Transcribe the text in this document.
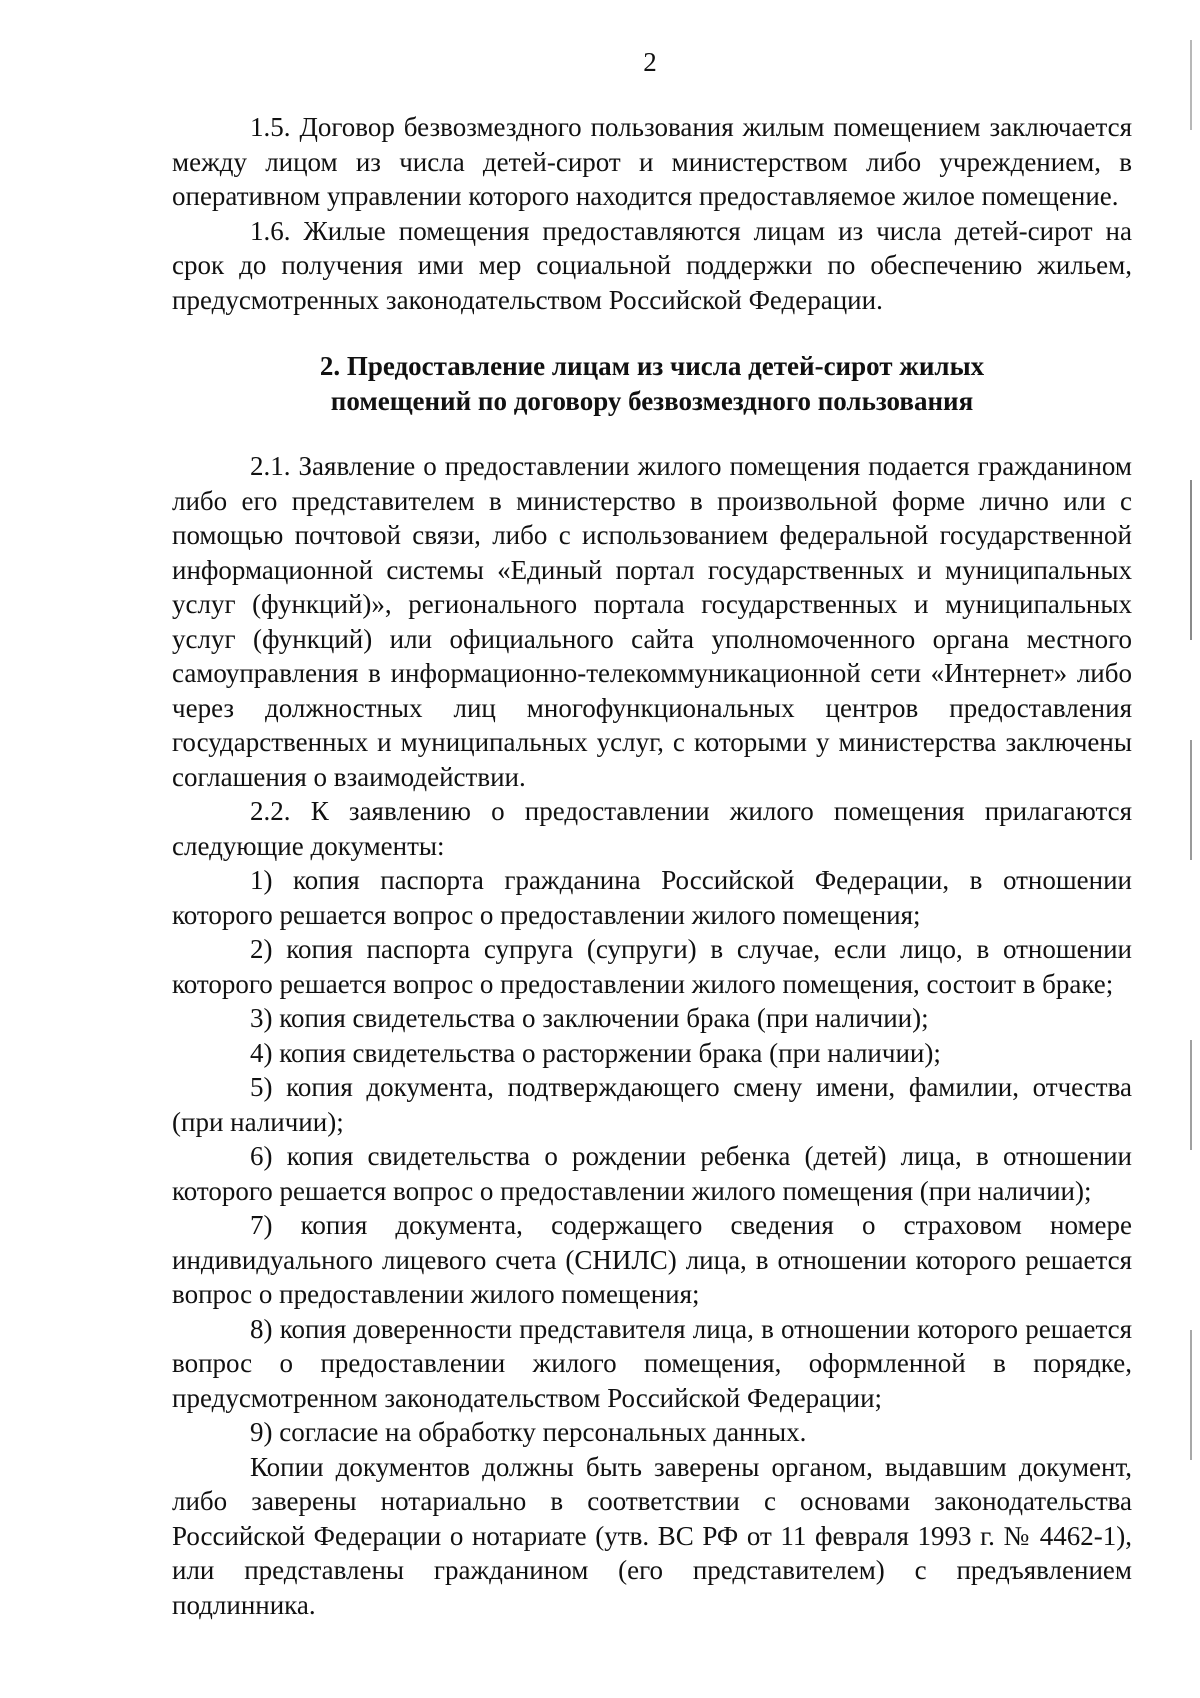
2

1.5. Договор безвозмездного пользования жилым помещением заключается между лицом из числа детей-сирот и министерством либо учреждением, в оперативном управлении которого находится предоставляемое жилое помещение.

1.6. Жилые помещения предоставляются лицам из числа детей-сирот на срок до получения ими мер социальной поддержки по обеспечению жильем, предусмотренных законодательством Российской Федерации.

2. Предоставление лицам из числа детей-сирот жилых
помещений по договору безвозмездного пользования

2.1. Заявление о предоставлении жилого помещения подается гражданином либо его представителем в министерство в произвольной форме лично или с помощью почтовой связи, либо с использованием федеральной государственной информационной системы «Единый портал государственных и муниципальных услуг (функций)», регионального портала государственных и муниципальных услуг (функций) или официального сайта уполномоченного органа местного самоуправления в информационно-телекоммуникационной сети «Интернет» либо через должностных лиц многофункциональных центров предоставления государственных и муниципальных услуг, с которыми у министерства заключены соглашения о взаимодействии.

2.2. К заявлению о предоставлении жилого помещения прилагаются следующие документы:

1) копия паспорта гражданина Российской Федерации, в отношении которого решается вопрос о предоставлении жилого помещения;

2) копия паспорта супруга (супруги) в случае, если лицо, в отношении которого решается вопрос о предоставлении жилого помещения, состоит в браке;

3) копия свидетельства о заключении брака (при наличии);

4) копия свидетельства о расторжении брака (при наличии);

5) копия документа, подтверждающего смену имени, фамилии, отчества (при наличии);

6) копия свидетельства о рождении ребенка (детей) лица, в отношении которого решается вопрос о предоставлении жилого помещения (при наличии);

7) копия документа, содержащего сведения о страховом номере индивидуального лицевого счета (СНИЛС) лица, в отношении которого решается вопрос о предоставлении жилого помещения;

8) копия доверенности представителя лица, в отношении которого решается вопрос о предоставлении жилого помещения, оформленной в порядке, предусмотренном законодательством Российской Федерации;

9) согласие на обработку персональных данных.

Копии документов должны быть заверены органом, выдавшим документ, либо заверены нотариально в соответствии с основами законодательства Российской Федерации о нотариате (утв. ВС РФ от 11 февраля 1993 г. № 4462-1), или представлены гражданином (его представителем) с предъявлением подлинника.
